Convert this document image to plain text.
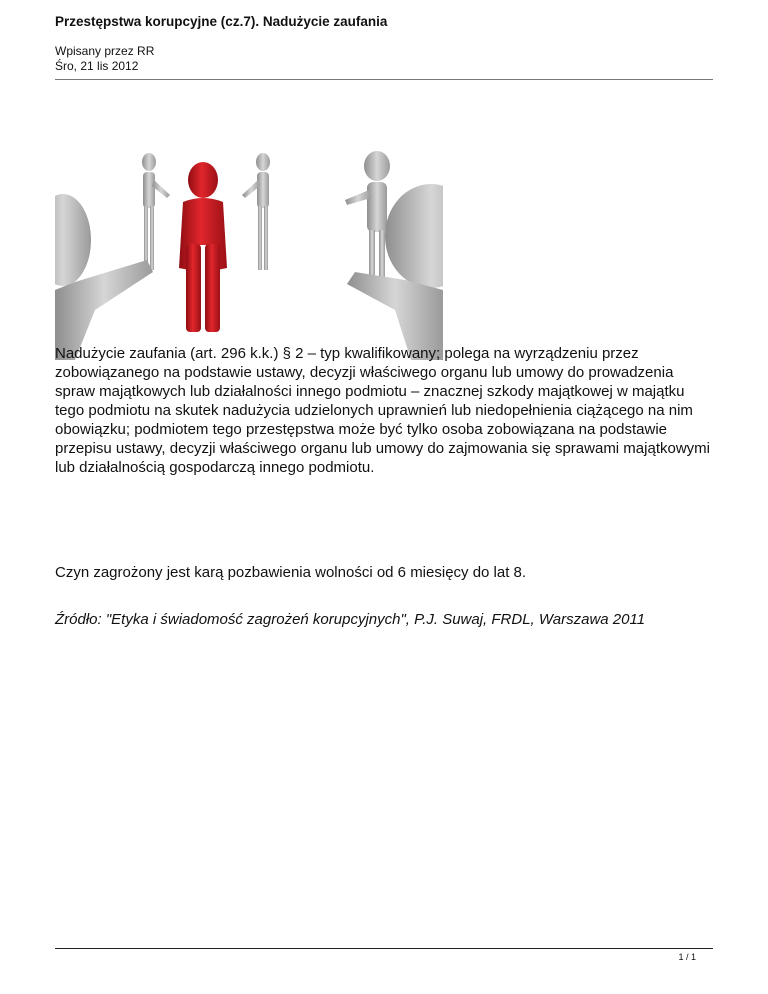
Przestępstwa korupcyjne (cz.7). Nadużycie zaufania
Wpisany przez RR
Śro, 21 lis 2012
Nadużycie zaufania (art. 296 k.k.) § 2 – typ kwalifikowany; polega na wyrządzeniu przez zobowiązanego na podstawie ustawy, decyzji właściwego organu lub umowy do prowadzenia spraw majątkowych lub działalności innego podmiotu – znacznej szkody majątkowej w majątku tego podmiotu na skutek nadużycia udzielonych uprawnień lub niedopełnienia ciążącego na nim obowiązku; podmiotem tego przestępstwa może być tylko osoba zobowiązana na podstawie przepisu ustawy, decyzji właściwego organu lub umowy do zajmowania się sprawami majątkowymi lub działalnością gospodarczą innego podmiotu.
Czyn zagrożony jest karą pozbawienia wolności od 6 miesięcy do lat 8.
Źródło: "Etyka i świadomość zagrożeń korupcyjnych", P.J. Suwaj, FRDL, Warszawa 2011
1 / 1
